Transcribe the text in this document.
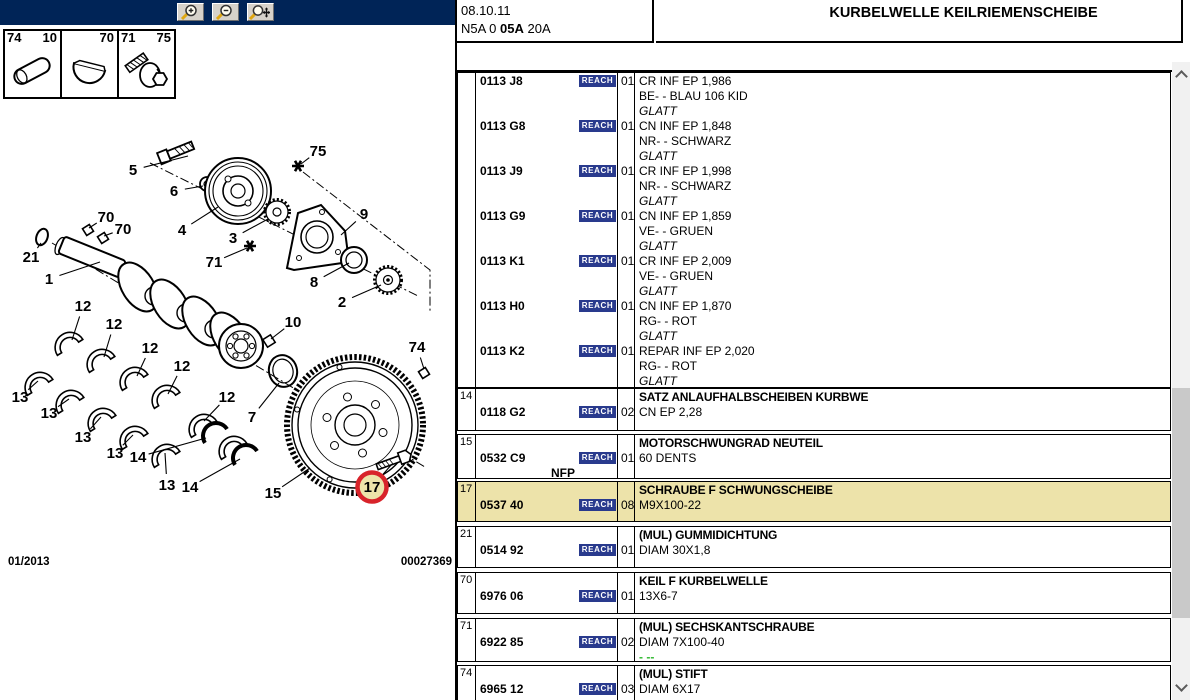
74 10	70 71 75
5
6
4	3
75
9
71
8
2
10
21
1
70
70
12
12
12
12
12
13
13
13
13
13
14
14
7
15
74
17
01/2013	00027369
08.10.11
N5A 0 05A 20A
KURBELWELLE KEILRIEMENSCHEIBE
0113 J8	REACH 01 CR INF EP 1,986
BE- - BLAU 106 KID
GLATT
0113 G8	REACH 01 CN INF EP 1,848
NR- - SCHWARZ
GLATT
0113 J9	REACH 01 CR INF EP 1,998
NR- - SCHWARZ
GLATT
0113 G9	REACH 01 CN INF EP 1,859
VE- - GRUEN
GLATT
0113 K1	REACH 01 CR INF EP 2,009
VE- - GRUEN
GLATT
0113 H0	REACH 01 CN INF EP 1,870
RG- - ROT
GLATT
0113 K2	REACH 01 REPAR INF EP 2,020
RG- - ROT
GLATT
14	SATZ ANLAUFHALBSCHEIBEN KURBWE
0118 G2	REACH 02 CN EP 2,28
15	MOTORSCHWUNGRAD NEUTEIL
0532 C9	REACH 01 60 DENTS
NFP
17	SCHRAUBE F SCHWUNGSCHEIBE
0537 40	REACH 08 M9X100-22
21	(MUL) GUMMIDICHTUNG
0514 92	REACH 01 DIAM 30X1,8
70	KEIL F KURBELWELLE
6976 06	REACH 01 13X6-7
71	(MUL) SECHSKANTSCHRAUBE
6922 85	REACH 02 DIAM 7X100-40
- --
74	(MUL) STIFT
6965 12	REACH 03 DIAM 6X17
